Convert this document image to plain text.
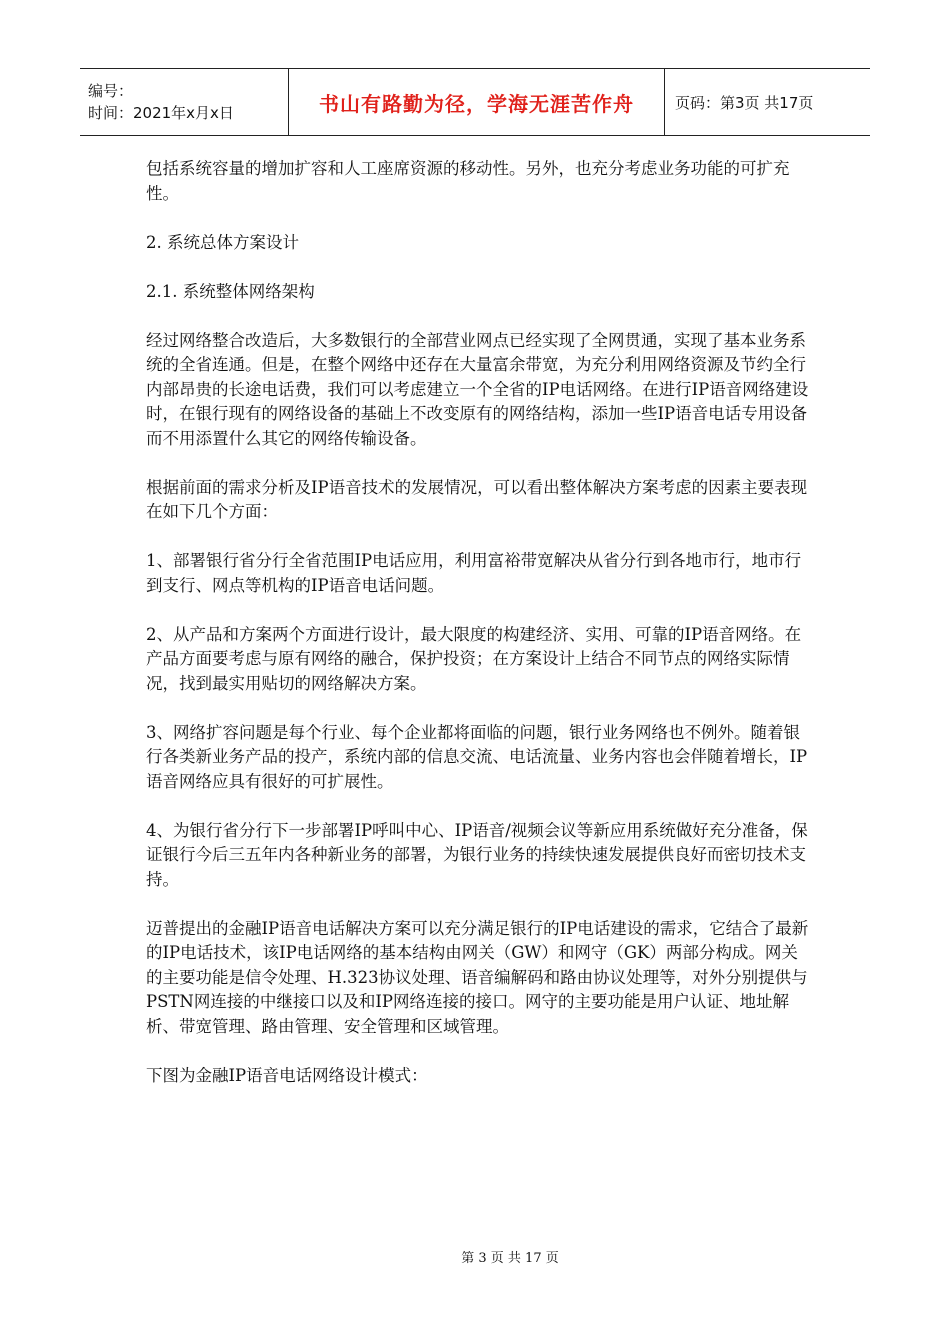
编号：
时间：2021年x月x日	书山有路勤为径，学海无涯苦作舟	页码：第3页 共17页

包括系统容量的增加扩容和人工座席资源的移动性。另外，也充分考虑业务功能的可扩充性。

2. 系统总体方案设计

2.1. 系统整体网络架构

经过网络整合改造后，大多数银行的全部营业网点已经实现了全网贯通，实现了基本业务系统的全省连通。但是，在整个网络中还存在大量富余带宽，为充分利用网络资源及节约全行内部昂贵的长途电话费，我们可以考虑建立一个全省的IP电话网络。在进行IP语音网络建设时，在银行现有的网络设备的基础上不改变原有的网络结构，添加一些IP语音电话专用设备而不用添置什么其它的网络传输设备。

根据前面的需求分析及IP语音技术的发展情况，可以看出整体解决方案考虑的因素主要表现在如下几个方面：

1、部署银行省分行全省范围IP电话应用，利用富裕带宽解决从省分行到各地市行，地市行到支行、网点等机构的IP语音电话问题。

2、从产品和方案两个方面进行设计，最大限度的构建经济、实用、可靠的IP语音网络。在产品方面要考虑与原有网络的融合，保护投资；在方案设计上结合不同节点的网络实际情况，找到最实用贴切的网络解决方案。

3、网络扩容问题是每个行业、每个企业都将面临的问题，银行业务网络也不例外。随着银行各类新业务产品的投产，系统内部的信息交流、电话流量、业务内容也会伴随着增长，IP语音网络应具有很好的可扩展性。

4、为银行省分行下一步部署IP呼叫中心、IP语音/视频会议等新应用系统做好充分准备，保证银行今后三五年内各种新业务的部署，为银行业务的持续快速发展提供良好而密切技术支持。

迈普提出的金融IP语音电话解决方案可以充分满足银行的IP电话建设的需求，它结合了最新的IP电话技术，该IP电话网络的基本结构由网关（GW）和网守（GK）两部分构成。网关的主要功能是信令处理、H.323协议处理、语音编解码和路由协议处理等，对外分别提供与PSTN网连接的中继接口以及和IP网络连接的接口。网守的主要功能是用户认证、地址解析、带宽管理、路由管理、安全管理和区域管理。

下图为金融IP语音电话网络设计模式：

第 3 页 共 17 页
